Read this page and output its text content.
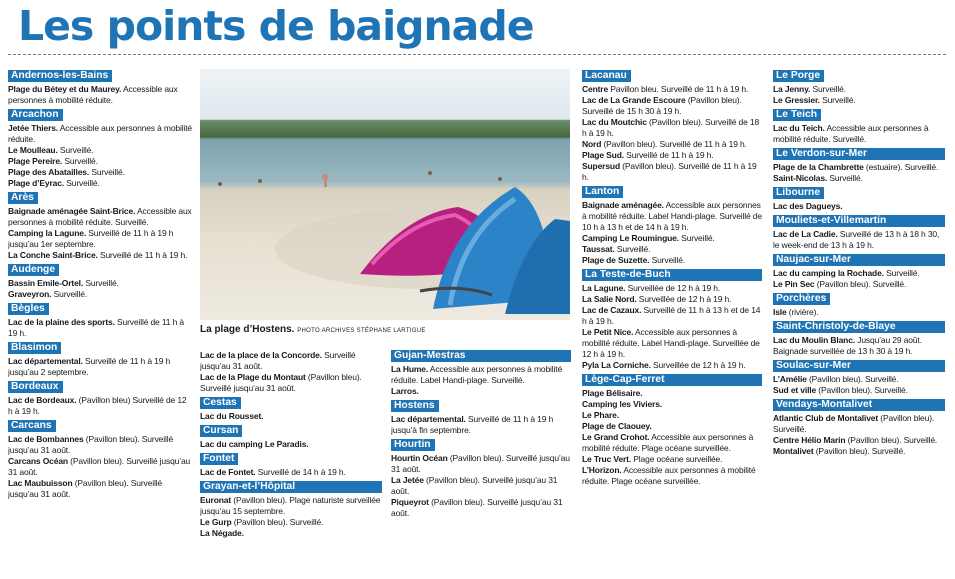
Les points de baignade
Andernos-les-Bains
Plage du Bétey et du Maurey. Accessible aux personnes à mobilité réduite.
Arcachon
Jetée Thiers. Accessible aux personnes à mobilité réduite.
Le Moulleau. Surveillé.
Plage Pereire. Surveillé.
Plage des Abatailles. Surveillé.
Plage d’Eyrac. Surveillé.
Arès
Baignade aménagée Saint-Brice. Accessible aux personnes à mobilité réduite. Surveillé.
Camping la Lagune. Surveillé de 11 h à 19 h jusqu’au 1er septembre.
La Conche Saint-Brice. Surveillé de 11 h à 19 h.
Audenge
Bassin Emile-Ortel. Surveillé.
Graveyron. Surveillé.
Bègles
Lac de la plaine des sports. Surveillé de 11 h à 19 h.
Blasimon
Lac départemental. Surveillé de 11 h à 19 h jusqu’au 2 septembre.
Bordeaux
Lac de Bordeaux. (Pavillon bleu) Surveillé de 12 h à 19 h.
Carcans
Lac de Bombannes (Pavillon bleu). Surveillé jusqu’au 31 août.
Carcans Océan (Pavillon bleu). Surveillé jusqu’au 31 août.
Lac Maubuisson (Pavillon bleu). Surveillé jusqu’au 31 août.
Lac de la place de la Concorde. Surveillé jusqu’au 31 août.
Lac de la Plage du Montaut (Pavillon bleu). Surveillé jusqu’au 31 août.
Cestas
Lac du Rousset.
Cursan
Lac du camping Le Paradis.
Fontet
Lac de Fontet. Surveillé de 14 h à 19 h.
Grayan-et-l’Hôpital
Euronat (Pavillon bleu). Plage naturiste surveillée jusqu’au 15 septembre.
Le Gurp (Pavillon bleu). Surveillé.
La Négade.
Gujan-Mestras
La Hume. Accessible aux personnes à mobilité réduite. Label Handi-plage. Surveillé.
Larros.
Hostens
Lac départemental. Surveillé de 11 h à 19 h jusqu’à fin septembre.
Hourtin
Hourtin Océan (Pavillon bleu). Surveillé jusqu’au 31 août.
La Jetée (Pavillon bleu). Surveillé jusqu’au 31 août.
Piqueyrot (Pavillon bleu). Surveillé jusqu’au 31 août.
Lacanau
Centre Pavillon bleu. Surveillé de 11 h à 19 h.
Lac de La Grande Escoure (Pavillon bleu). Surveillé de 15 h 30 à 19 h.
Lac du Moutchic (Pavillon bleu). Surveillé de 18 h à 19 h.
Nord (Pavillon bleu). Surveillé de 11 h à 19 h.
Plage Sud. Surveillé de 11 h à 19 h.
Supersud (Pavillon bleu). Surveillé de 11 h à 19 h.
Lanton
Baignade aménagée. Accessible aux personnes à mobilité réduite. Label Handi-plage. Surveillé de 10 h à 13 h et de 14 h à 19 h.
Camping Le Roumingue. Surveillé.
Taussat. Surveillé.
Plage de Suzette. Surveillé.
La Teste-de-Buch
La Lagune. Surveillée de 12 h à 19 h.
La Salie Nord. Surveillée de 12 h à 19 h.
Lac de Cazaux. Surveillé de 11 h à 13 h et de 14 h à 19 h.
Le Petit Nice. Accessible aux personnes à mobilité réduite. Label Handi-plage. Surveillée de 12 h à 19 h.
Pyla La Corniche. Surveillée de 12 h à 19 h.
Lège-Cap-Ferret
Plage Bélisaire.
Camping les Viviers.
Le Phare.
Plage de Claouey.
Le Grand Crohot. Accessible aux personnes à mobilité réduite. Plage océane surveillée.
Le Truc Vert. Plage océane surveillée.
L’Horizon. Accessible aux personnes à mobilité réduite. Plage océane surveillée.
Le Porge
La Jenny. Surveillé.
Le Gressier. Surveillé.
Le Teich
Lac du Teich. Accessible aux personnes à mobilité réduite. Surveillé.
Le Verdon-sur-Mer
Plage de la Chambrette (estuaire). Surveillé.
Saint-Nicolas. Surveillé.
Libourne
Lac des Dagueys.
Mouliets-et-Villemartin
Lac de La Cadie. Surveillé de 13 h à 18 h 30, le week-end de 13 h à 19 h.
Naujac-sur-Mer
Lac du camping la Rochade. Surveillé.
Le Pin Sec (Pavillon bleu). Surveillé.
Porchères
Isle (rivière).
Saint-Christoly-de-Blaye
Lac du Moulin Blanc. Jusqu’au 29 août. Baignade surveillée de 13 h 30 à 19 h.
Soulac-sur-Mer
L’Amélie (Pavillon bleu). Surveillé.
Sud et ville (Pavillon bleu). Surveillé.
Vendays-Montalivet
Atlantic Club de Montalivet (Pavillon bleu). Surveillé.
Centre Hélio Marin (Pavillon bleu). Surveillé.
Montalivet (Pavillon bleu). Surveillé.
La plage d’Hostens. PHOTO ARCHIVES STÉPHANE LARTIGUE
